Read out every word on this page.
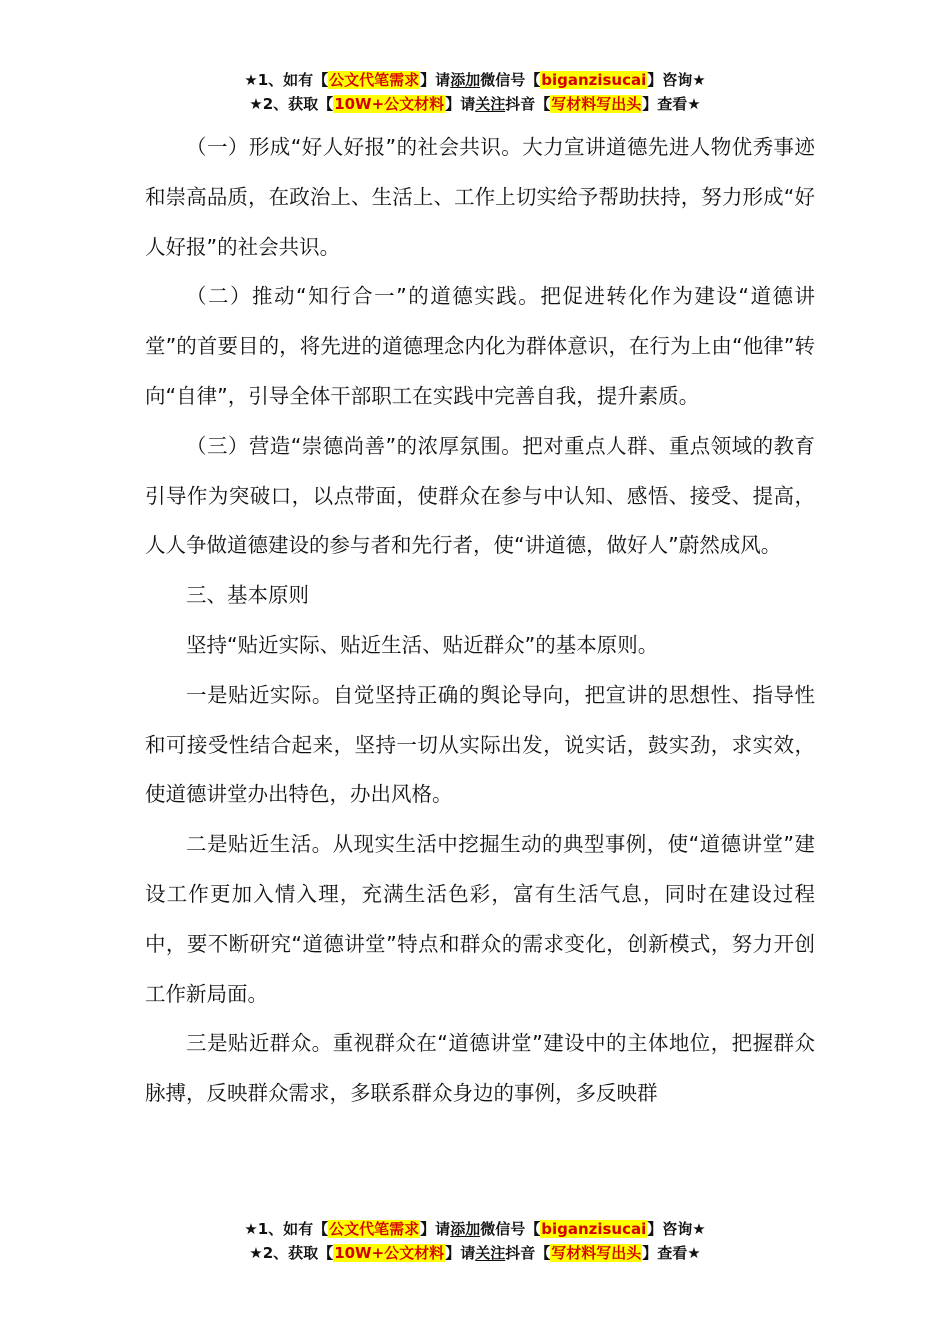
★1、如有【公文代笔需求】请添加微信号【biganzisucai】咨询★
★2、获取【10W+公文材料】请关注抖音【写材料写出头】查看★

（一）形成“好人好报”的社会共识。大力宣讲道德先进人物优秀事迹和崇高品质，在政治上、生活上、工作上切实给予帮助扶持，努力形成“好人好报”的社会共识。

（二）推动“知行合一”的道德实践。把促进转化作为建设“道德讲堂”的首要目的，将先进的道德理念内化为群体意识，在行为上由“他律”转向“自律”，引导全体干部职工在实践中完善自我，提升素质。

（三）营造“崇德尚善”的浓厚氛围。把对重点人群、重点领域的教育引导作为突破口，以点带面，使群众在参与中认知、感悟、接受、提高，人人争做道德建设的参与者和先行者，使“讲道德，做好人”蔚然成风。

三、基本原则

坚持“贴近实际、贴近生活、贴近群众”的基本原则。

一是贴近实际。自觉坚持正确的舆论导向，把宣讲的思想性、指导性和可接受性结合起来，坚持一切从实际出发，说实话，鼓实劲，求实效，使道德讲堂办出特色，办出风格。

二是贴近生活。从现实生活中挖掘生动的典型事例，使“道德讲堂”建设工作更加入情入理，充满生活色彩，富有生活气息，同时在建设过程中，要不断研究“道德讲堂”特点和群众的需求变化，创新模式，努力开创工作新局面。

三是贴近群众。重视群众在“道德讲堂”建设中的主体地位，把握群众脉搏，反映群众需求，多联系群众身边的事例，多反映群

★1、如有【公文代笔需求】请添加微信号【biganzisucai】咨询★
★2、获取【10W+公文材料】请关注抖音【写材料写出头】查看★
